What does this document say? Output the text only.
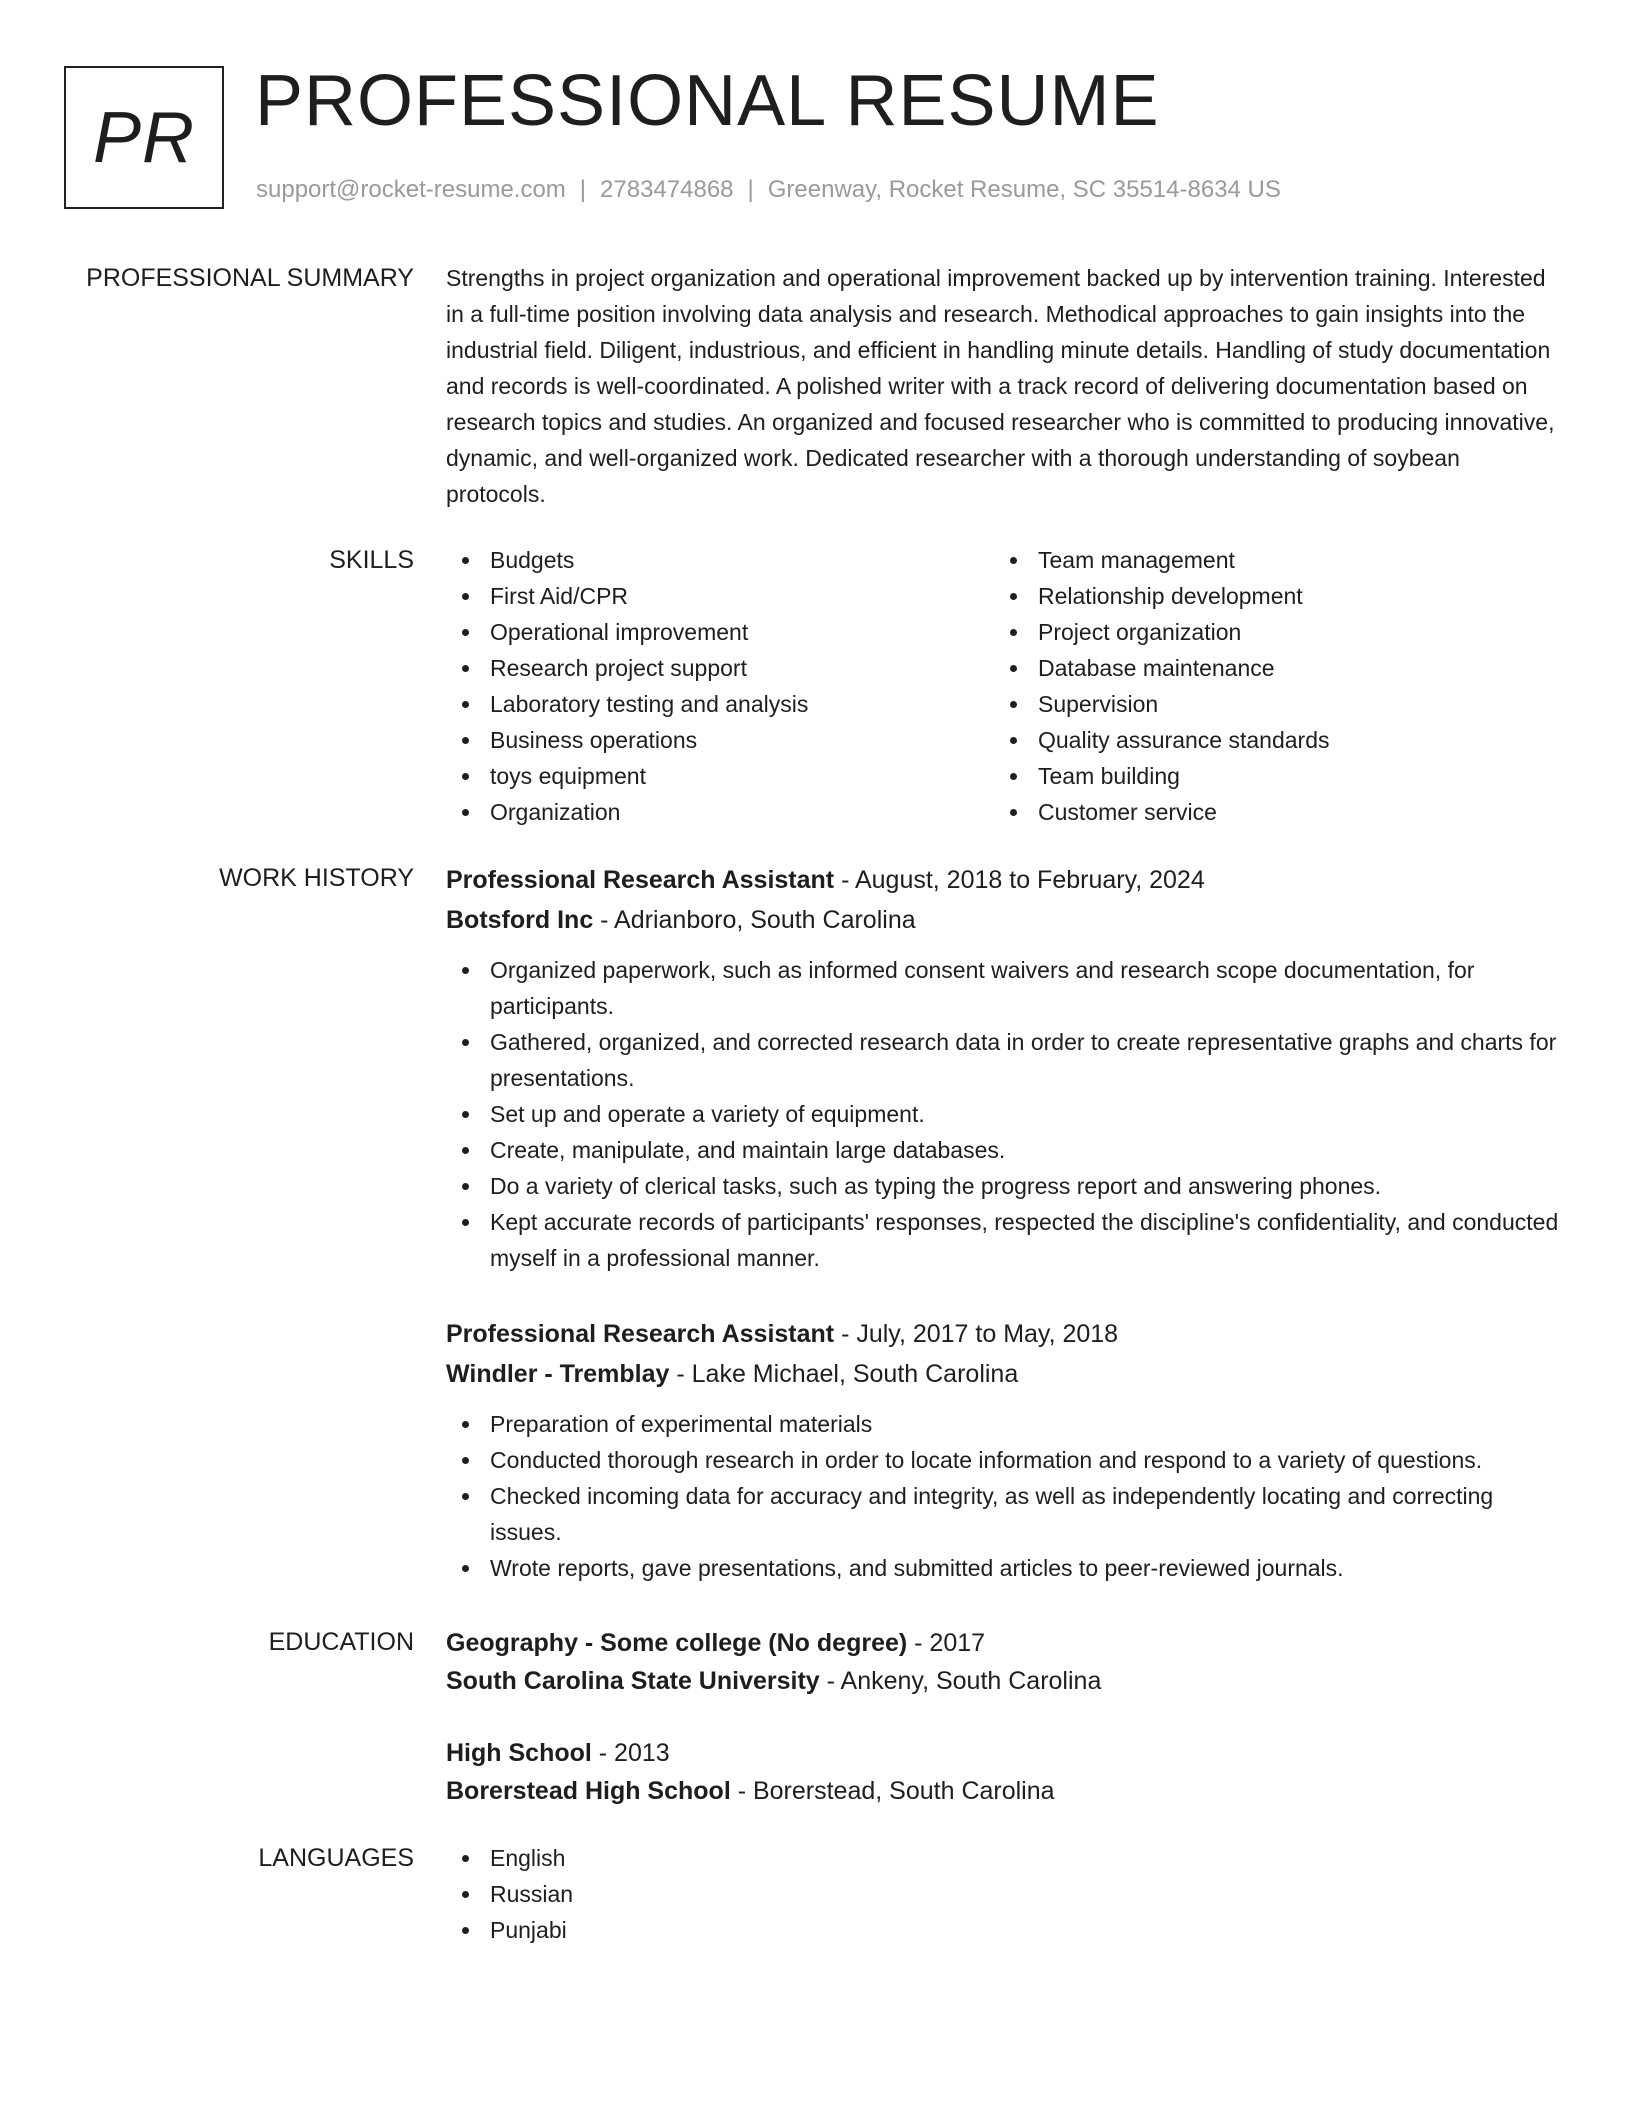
PR PROFESSIONAL RESUME
support@rocket-resume.com | 2783474868 | Greenway, Rocket Resume, SC 35514-8634 US
PROFESSIONAL SUMMARY Strengths in project organization and operational improvement backed up by intervention training. Interested in a full-time position involving data analysis and research. Methodical approaches to gain insights into the industrial field. Diligent, industrious, and efficient in handling minute details. Handling of study documentation and records is well-coordinated. A polished writer with a track record of delivering documentation based on research topics and studies. An organized and focused researcher who is committed to producing innovative, dynamic, and well-organized work. Dedicated researcher with a thorough understanding of soybean protocols.
SKILLS	Budgets
First Aid/CPR
Operational improvement
Research project support
Laboratory testing and analysis
Business operations
toys equipment
Organization
Team management
Relationship development
Project organization
Database maintenance
Supervision
Quality assurance standards
Team building
Customer service
WORK HISTORY Professional Research Assistant - August, 2018 to February, 2024
Botsford Inc - Adrianboro, South Carolina
Organized paperwork, such as informed consent waivers and research scope documentation, for participants.
Gathered, organized, and corrected research data in order to create representative graphs and charts for presentations.
Set up and operate a variety of equipment.
Create, manipulate, and maintain large databases.
Do a variety of clerical tasks, such as typing the progress report and answering phones.
Kept accurate records of participants' responses, respected the discipline's confidentiality, and conducted myself in a professional manner.
Professional Research Assistant - July, 2017 to May, 2018
Windler - Tremblay - Lake Michael, South Carolina
Preparation of experimental materials
Conducted thorough research in order to locate information and respond to a variety of questions.
Checked incoming data for accuracy and integrity, as well as independently locating and correcting issues.
Wrote reports, gave presentations, and submitted articles to peer-reviewed journals.
EDUCATION Geography - Some college (No degree) - 2017
South Carolina State University - Ankeny, South Carolina
High School - 2013
Borerstead High School - Borerstead, South Carolina
LANGUAGES	English
Russian
Punjabi
